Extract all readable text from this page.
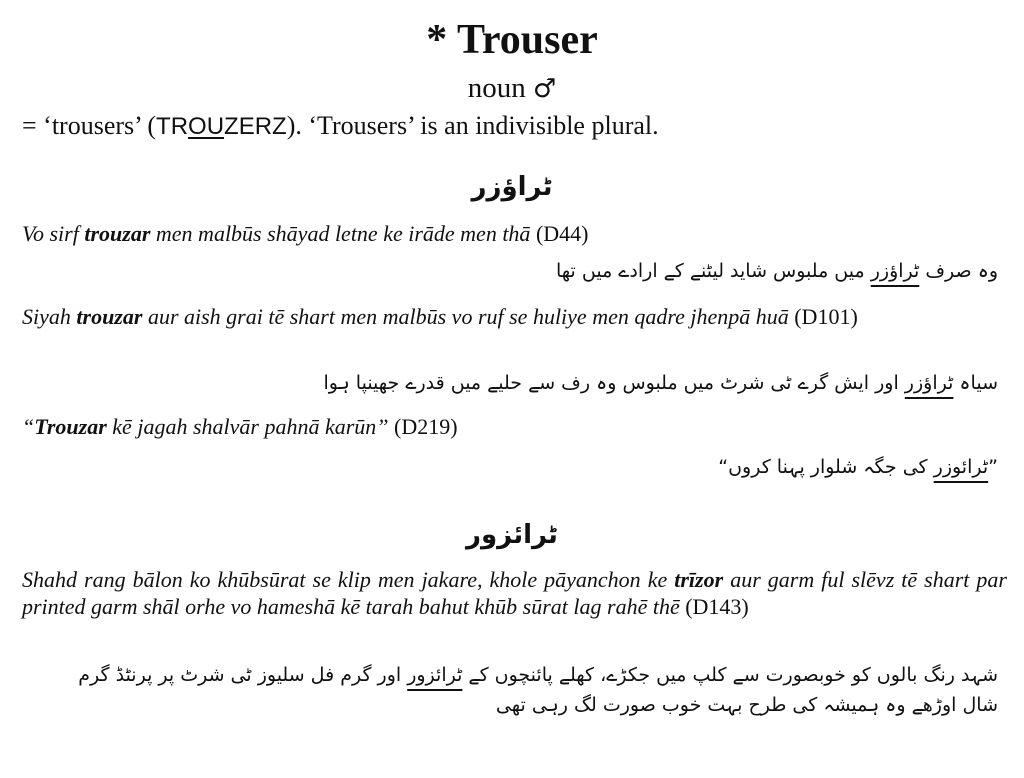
* Trouser
noun ♂
= ‘trousers’ (TROUZERZ). ‘Trousers’ is an indivisible plural.
ٹراؤزر
Vo sirf trouzar men malbūs shāyad letne ke irāde men thā (D44)
وہ صرف ٹراؤزر میں ملبوس شاید لیٹنے کے ارادے میں تھا
Siyah trouzar aur aish grai tē shart men malbūs vo ruf se huliye men qadre jhenpā huā (D101)
سیاہ ٹراؤزر اور ایش گرے ٹی شرٹ میں ملبوس وہ رف سے حلیے میں قدرے جھینپا ہوا
“Trouzar kē jagah shalvār pahnā karūn” (D219)
”ٹرائوزر کی جگہ شلوار پہنا کروں“
ٹرائزور
Shahd rang bālon ko khūbsūrat se klip men jakare, khole pāyanchon ke trīzor aur garm ful slēvz tē shart par printed garm shāl orhe vo hameshā kē tarah bahut khūb sūrat lag rahē thē (D143)
شہد رنگ بالوں کو خوبصورت سے کلپ میں جکڑے، کھلے پائنچوں کے ٹرائزور اور گرم فل سلیوز ٹی شرٹ پر پرنٹڈ گرم شال اوڑھے وہ ہمیشہ کی طرح بہت خوب صورت لگ رہی تھی
